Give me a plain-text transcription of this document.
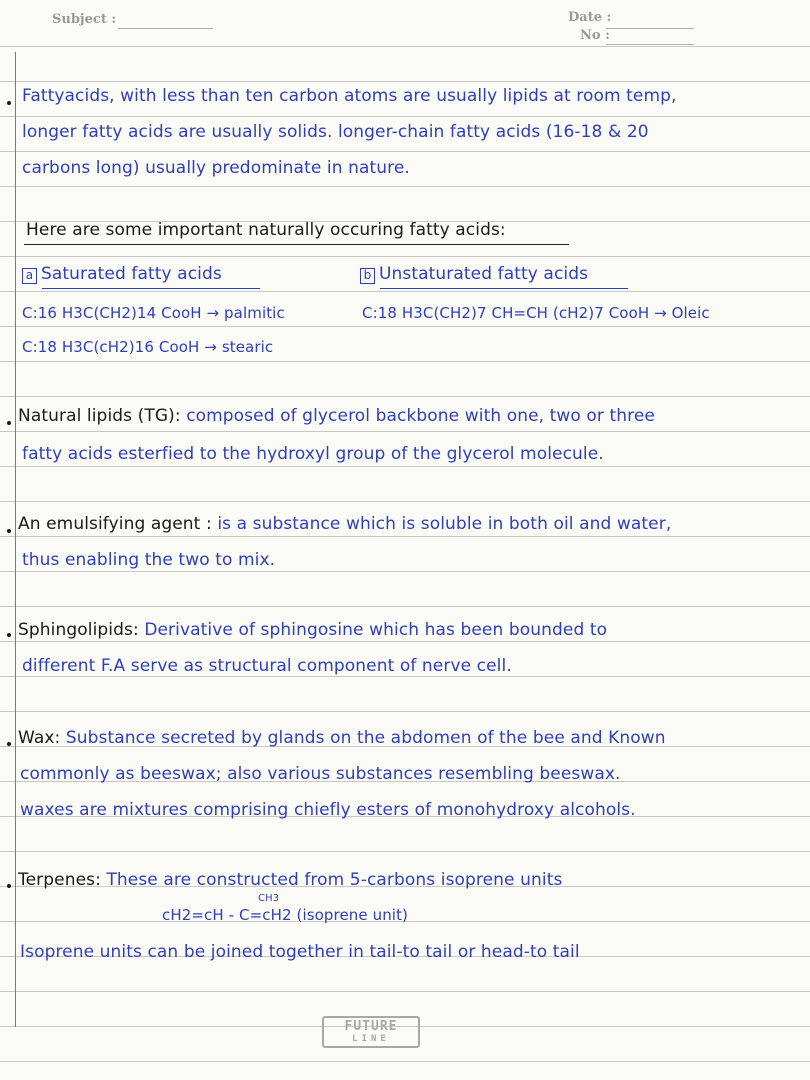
Subject :	Date :
No :
Fattyacids, with less than ten carbon atoms are usually lipids at room temp,
longer fatty acids are usually solids. longer-chain fatty acids (16-18 & 20
carbons long) usually predominate in nature.
Here are some important naturally occuring fatty acids:
a Saturated fatty acids
C:16 H3C(CH2)14 CooH → palmitic
C:18 H3C(cH2)16 CooH → stearic
b Unstaturated fatty acids
C:18 H3C(CH2)7 CH=CH (cH2)7 CooH → Oleic
Natural lipids (TG): composed of glycerol backbone with one, two or three
fatty acids esterfied to the hydroxyl group of the glycerol molecule.
An emulsifying agent : is a substance which is soluble in both oil and water,
thus enabling the two to mix.
Sphingolipids: Derivative of sphingosine which has been bounded to
different F.A serve as structural component of nerve cell.
Wax: Substance secreted by glands on the abdomen of the bee and Known
commonly as beeswax; also various substances resembling beeswax.
waxes are mixtures comprising chiefly esters of monohydroxy alcohols.
Terpenes: These are constructed from 5-carbons isoprene units
CH3
cH2=cH - C=cH2 (isoprene unit)
Isoprene units can be joined together in tail-to tail or head-to tail
FUTURE
LINE
